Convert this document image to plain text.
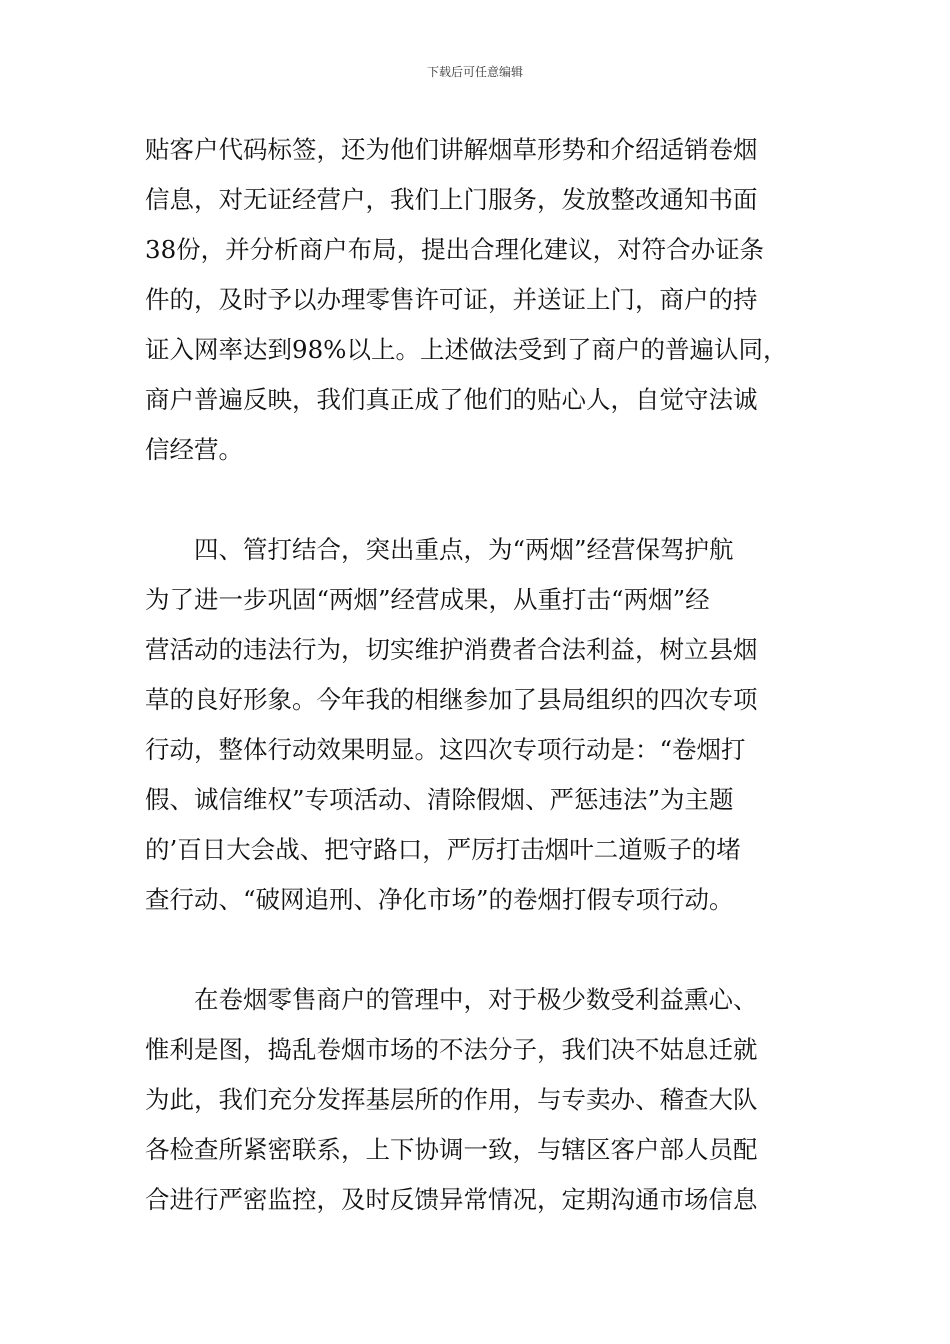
下载后可任意编辑
贴客户代码标签，还为他们讲解烟草形势和介绍适销卷烟
信息，对无证经营户，我们上门服务，发放整改通知书面
38份，并分析商户布局，提出合理化建议，对符合办证条
件的，及时予以办理零售许可证，并送证上门，商户的持
证入网率达到98%以上。上述做法受到了商户的普遍认同，
商户普遍反映，我们真正成了他们的贴心人，自觉守法诚
信经营。
四、管打结合，突出重点，为“两烟”经营保驾护航
为了进一步巩固“两烟”经营成果，从重打击“两烟”经
营活动的违法行为，切实维护消费者合法利益，树立县烟
草的良好形象。今年我的相继参加了县局组织的四次专项
行动，整体行动效果明显。这四次专项行动是：“卷烟打
假、诚信维权”专项活动、清除假烟、严惩违法”为主题
的’百日大会战、把守路口，严厉打击烟叶二道贩子的堵
查行动、“破网追刑、净化市场”的卷烟打假专项行动。
在卷烟零售商户的管理中，对于极少数受利益熏心、
惟利是图，捣乱卷烟市场的不法分子，我们决不姑息迁就
为此，我们充分发挥基层所的作用，与专卖办、稽查大队
各检查所紧密联系，上下协调一致，与辖区客户部人员配
合进行严密监控，及时反馈异常情况，定期沟通市场信息
